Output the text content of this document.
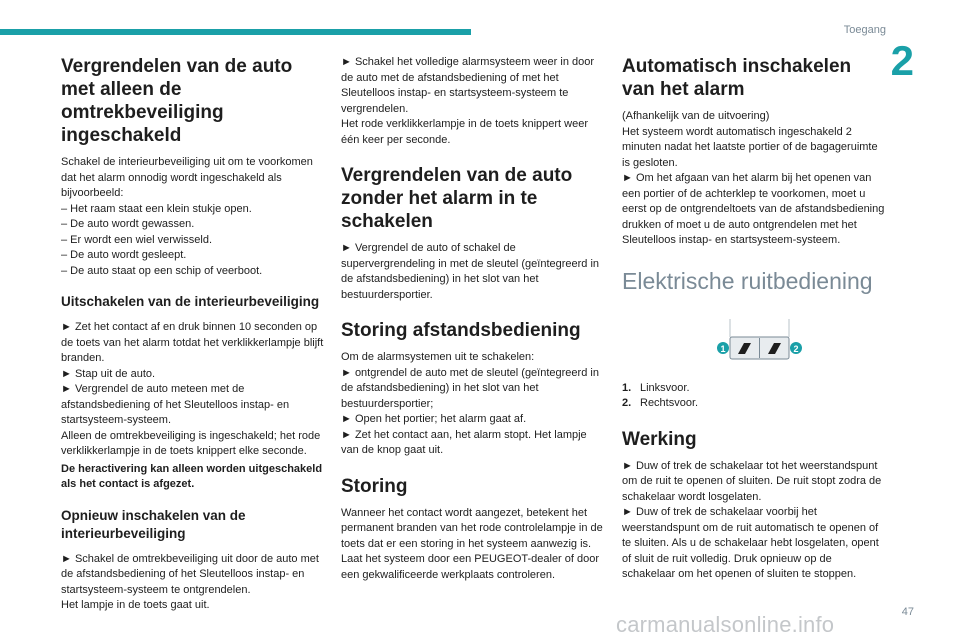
Toegang
2
Vergrendelen van de auto met alleen de omtrekbeveiliging ingeschakeld
Schakel de interieurbeveiliging uit om te voorkomen dat het alarm onnodig wordt ingeschakeld als bijvoorbeeld:
– Het raam staat een klein stukje open.
– De auto wordt gewassen.
– Er wordt een wiel verwisseld.
– De auto wordt gesleept.
– De auto staat op een schip of veerboot.
Uitschakelen van de interieurbeveiliging
► Zet het contact af en druk binnen 10 seconden op de toets van het alarm totdat het verklikkerlampje blijft branden.
► Stap uit de auto.
► Vergrendel de auto meteen met de afstandsbediening of het Sleutelloos instap- en startsysteem-systeem.
Alleen de omtrekbeveiliging is ingeschakeld; het rode verklikkerlampje in de toets knippert elke seconde.
De heractivering kan alleen worden uitgeschakeld als het contact is afgezet.
Opnieuw inschakelen van de interieurbeveiliging
► Schakel de omtrekbeveiliging uit door de auto met de afstandsbediening of het Sleutelloos instap- en startsysteem-systeem te ontgrendelen.
Het lampje in de toets gaat uit.
► Schakel het volledige alarmsysteem weer in door de auto met de afstandsbediening of met het Sleutelloos instap- en startsysteem-systeem te vergrendelen.
Het rode verklikkerlampje in de toets knippert weer één keer per seconde.
Vergrendelen van de auto zonder het alarm in te schakelen
► Vergrendel de auto of schakel de supervergrendeling in met de sleutel (geïntegreerd in de afstandsbediening) in het slot van het bestuurdersportier.
Storing afstandsbediening
Om de alarmsystemen uit te schakelen:
► ontgrendel de auto met de sleutel (geïntegreerd in de afstandsbediening) in het slot van het bestuurdersportier;
► Open het portier; het alarm gaat af.
► Zet het contact aan, het alarm stopt. Het lampje van de knop gaat uit.
Storing
Wanneer het contact wordt aangezet, betekent het permanent branden van het rode controlelampje in de toets dat er een storing in het systeem aanwezig is.
Laat het systeem door een PEUGEOT-dealer of door een gekwalificeerde werkplaats controleren.
Automatisch inschakelen van het alarm
(Afhankelijk van de uitvoering)
Het systeem wordt automatisch ingeschakeld 2 minuten nadat het laatste portier of de bagageruimte is gesloten.
► Om het afgaan van het alarm bij het openen van een portier of de achterklep te voorkomen, moet u eerst op de ontgrendeltoets van de afstandsbediening drukken of moet u de auto ontgrendelen met het Sleutelloos instap- en startsysteem-systeem.
Elektrische ruitbediening
1	2
1. Linksvoor.
2. Rechtsvoor.
Werking
► Duw of trek de schakelaar tot het weerstandspunt om de ruit te openen of sluiten. De ruit stopt zodra de schakelaar wordt losgelaten.
► Duw of trek de schakelaar voorbij het weerstandspunt om de ruit automatisch te openen of te sluiten. Als u de schakelaar hebt losgelaten, opent of sluit de ruit volledig. Druk opnieuw op de schakelaar om het openen of sluiten te stoppen.
carmanualsonline.info	47
